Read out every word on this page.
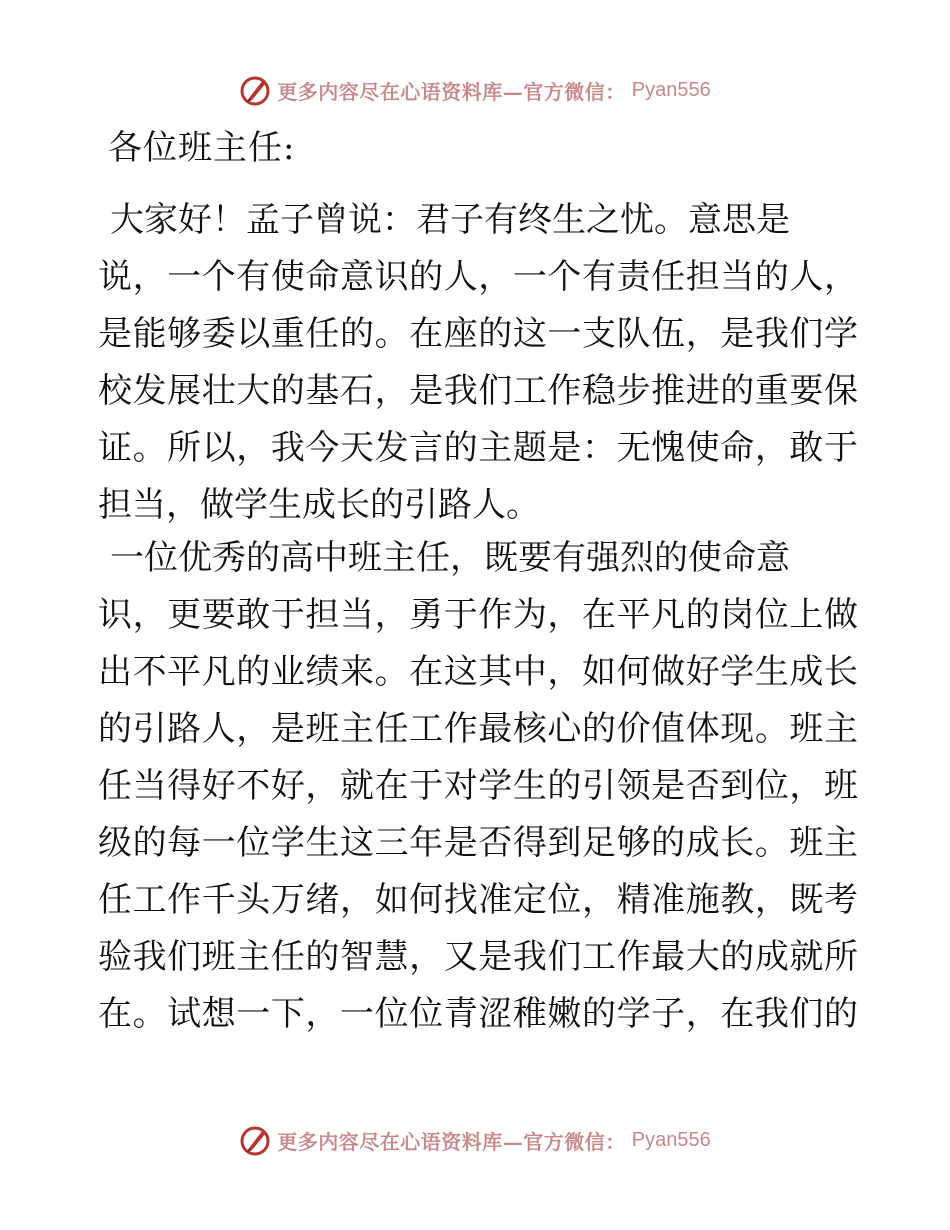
更多内容尽在心语资料库—官方微信： Pyan556
各位班主任:
大家好！孟子曾说：君子有终生之忧。意思是
说，一个有使命意识的人，一个有责任担当的人，
是能够委以重任的。在座的这一支队伍，是我们学
校发展壮大的基石，是我们工作稳步推进的重要保
证。所以，我今天发言的主题是：无愧使命，敢于
担当，做学生成长的引路人。
一位优秀的高中班主任，既要有强烈的使命意
识，更要敢于担当，勇于作为，在平凡的岗位上做
出不平凡的业绩来。在这其中，如何做好学生成长
的引路人，是班主任工作最核心的价值体现。班主
任当得好不好，就在于对学生的引领是否到位，班
级的每一位学生这三年是否得到足够的成长。班主
任工作千头万绪，如何找准定位，精准施教，既考
验我们班主任的智慧，又是我们工作最大的成就所
在。试想一下，一位位青涩稚嫩的学子，在我们的
更多内容尽在心语资料库—官方微信： Pyan556
